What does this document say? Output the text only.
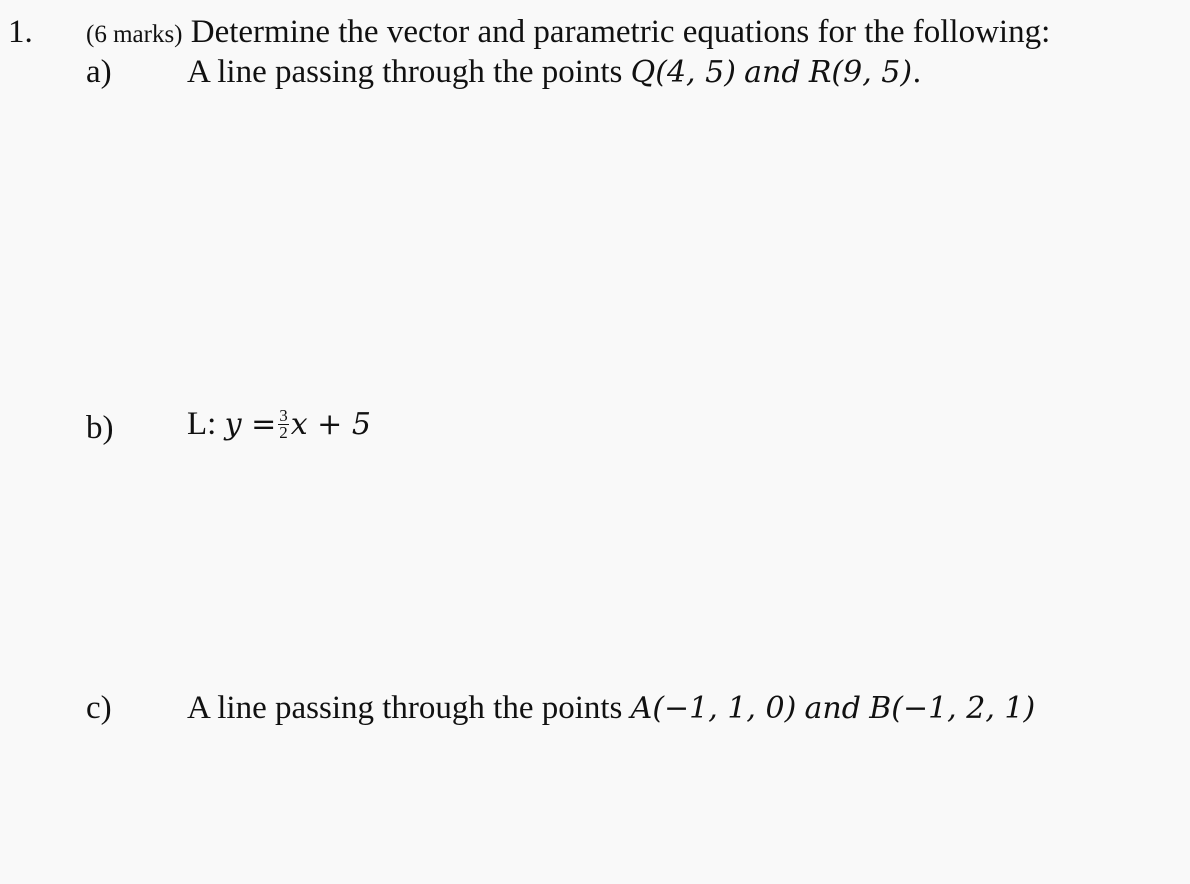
1. (6 marks) Determine the vector and parametric equations for the following:
a) A line passing through the points Q(4, 5) and R(9, 5).
b) L: $y = \frac{3}{2}$ x + 5
c) A line passing through the points A(−1, 1, 0) and B(−1, 2, 1)
